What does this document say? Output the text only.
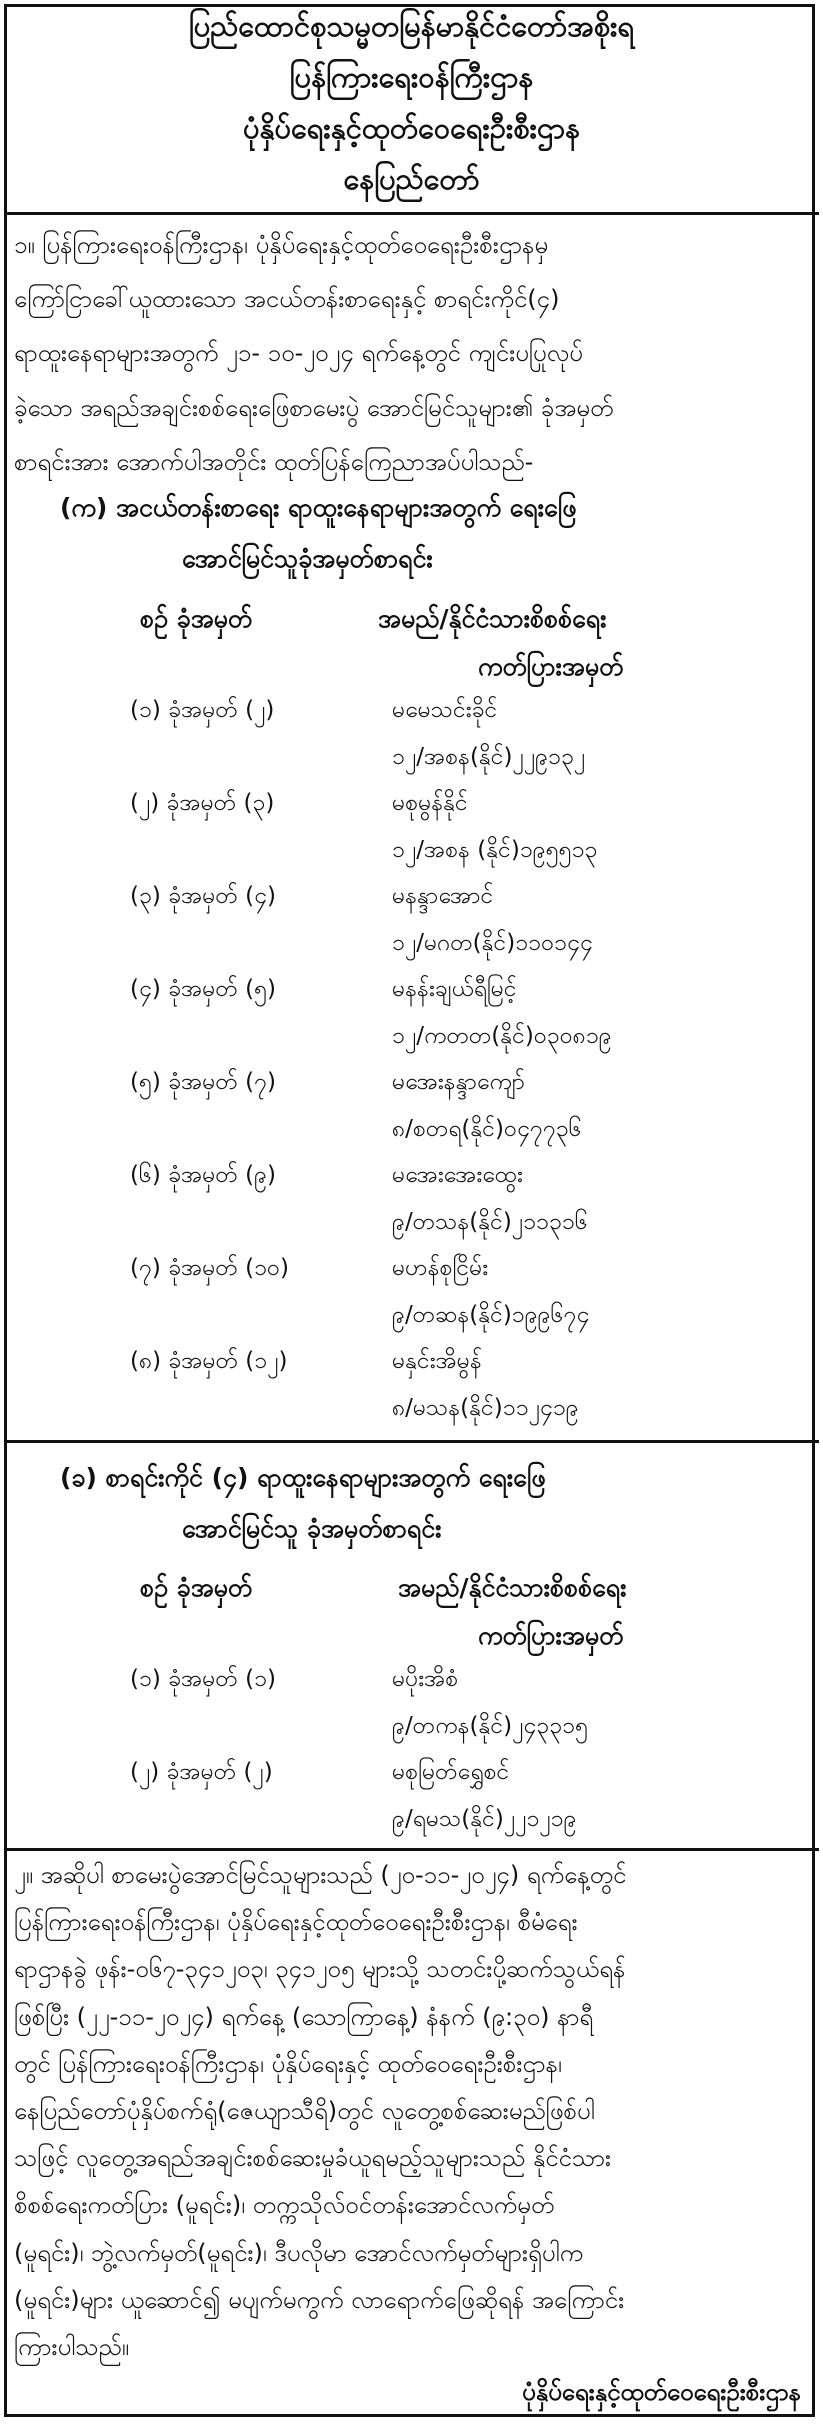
ပြည်ထောင်စုသမ္မတမြန်မာနိုင်ငံတော်အစိုးရ
ပြန်ကြားရေးဝန်ကြီးဌာန
ပုံနှိပ်ရေးနှင့်ထုတ်ဝေရေးဦးစီးဌာန
နေပြည်တော်
၁။ ပြန်ကြားရေးဝန်ကြီးဌာန၊ ပုံနှိပ်ရေးနှင့်ထုတ်ဝေရေးဦးစီးဌာနမှ
ကြော်ငြာခေါ်ယူထားသော အငယ်တန်းစာရေးနှင့် စာရင်းကိုင်(၄)
ရာထူးနေရာများအတွက် ၂၁- ၁၀-၂၀၂၄ ရက်နေ့တွင် ကျင်းပပြုလုပ်
ခဲ့သော အရည်အချင်းစစ်ရေးဖြေစာမေးပွဲ အောင်မြင်သူများ၏ ခုံအမှတ်
စာရင်းအား အောက်ပါအတိုင်း ထုတ်ပြန်ကြေညာအပ်ပါသည်-
(က) အငယ်တန်းစာရေး ရာထူးနေရာများအတွက် ရေးဖြေ
အောင်မြင်သူခုံအမှတ်စာရင်း
စဉ် ခုံအမှတ်	အမည်/နိုင်ငံသားစိစစ်ရေး
ကတ်ပြားအမှတ်
(၁) ခုံအမှတ် (၂)	မမေသင်းခိုင်
၁၂/အစန(နိုင်)၂၂၉၁၃၂
(၂) ခုံအမှတ် (၃)	မစုမွန်နိုင်
၁၂/အစန (နိုင်)၁၉၅၅၁၃
(၃) ခုံအမှတ် (၄)	မနန္ဒာအောင်
၁၂/မဂတ(နိုင်)၁၁၀၁၄၄
(၄) ခုံအမှတ် (၅)	မနန်းချယ်ရီမြင့်
၁၂/ကတတ(နိုင်)၀၃၀၈၁၉
(၅) ခုံအမှတ် (၇)	မအေးနန္ဒာကျော်
၈/စတရ(နိုင်)၀၄၇၇၃၆
(၆) ခုံအမှတ် (၉)	မအေးအေးထွေး
၉/တသန(နိုင်)၂၁၁၃၁၆
(၇) ခုံအမှတ် (၁၀)	မဟန်စုငြိမ်း
၉/တဆန(နိုင်)၁၉၉၆၇၄
(၈) ခုံအမှတ် (၁၂)	မနှင်းအိမွန်
၈/မသန(နိုင်)၁၁၂၄၁၉
(ခ) စာရင်းကိုင် (၄) ရာထူးနေရာများအတွက် ရေးဖြေ
အောင်မြင်သူ ခုံအမှတ်စာရင်း
စဉ် ခုံအမှတ်	အမည်/နိုင်ငံသားစိစစ်ရေး
ကတ်ပြားအမှတ်
(၁) ခုံအမှတ် (၁)	မပိုးအိစံ
၉/တကန(နိုင်)၂၄၃၃၁၅
(၂) ခုံအမှတ် (၂)	မစုမြတ်ရွှေစင်
၉/ရမသ(နိုင်)၂၂၁၂၁၉
၂။ အဆိုပါ စာမေးပွဲအောင်မြင်သူများသည် (၂၀-၁၁-၂၀၂၄) ရက်နေ့တွင်
ပြန်ကြားရေးဝန်ကြီးဌာန၊ ပုံနှိပ်ရေးနှင့်ထုတ်ဝေရေးဦးစီးဌာန၊ စီမံရေး
ရာဌာနခွဲ ဖုန်း-၀၆၇-၃၄၁၂၀၃၊ ၃၄၁၂၀၅ များသို့ သတင်းပို့ဆက်သွယ်ရန်
ဖြစ်ပြီး (၂၂-၁၁-၂၀၂၄) ရက်နေ့ (သောကြာနေ့) နံနက် (၉:၃၀) နာရီ
တွင် ပြန်ကြားရေးဝန်ကြီးဌာန၊ ပုံနှိပ်ရေးနှင့် ထုတ်ဝေရေးဦးစီးဌာန၊
နေပြည်တော်ပုံနှိပ်စက်ရုံ(ဇေယျာသီရိ)တွင် လူတွေ့စစ်ဆေးမည်ဖြစ်ပါ
သဖြင့် လူတွေ့အရည်အချင်းစစ်ဆေးမှုခံယူရမည့်သူများသည် နိုင်ငံသား
စိစစ်ရေးကတ်ပြား (မူရင်း)၊ တက္ကသိုလ်ဝင်တန်းအောင်လက်မှတ်
(မူရင်း)၊ ဘွဲ့လက်မှတ်(မူရင်း)၊ ဒီပလိုမာ အောင်လက်မှတ်များရှိပါက
(မူရင်း)များ ယူဆောင်၍ မပျက်မကွက် လာရောက်ဖြေဆိုရန် အကြောင်း
ကြားပါသည်။
ပုံနှိပ်ရေးနှင့်ထုတ်ဝေရေးဦးစီးဌာန
